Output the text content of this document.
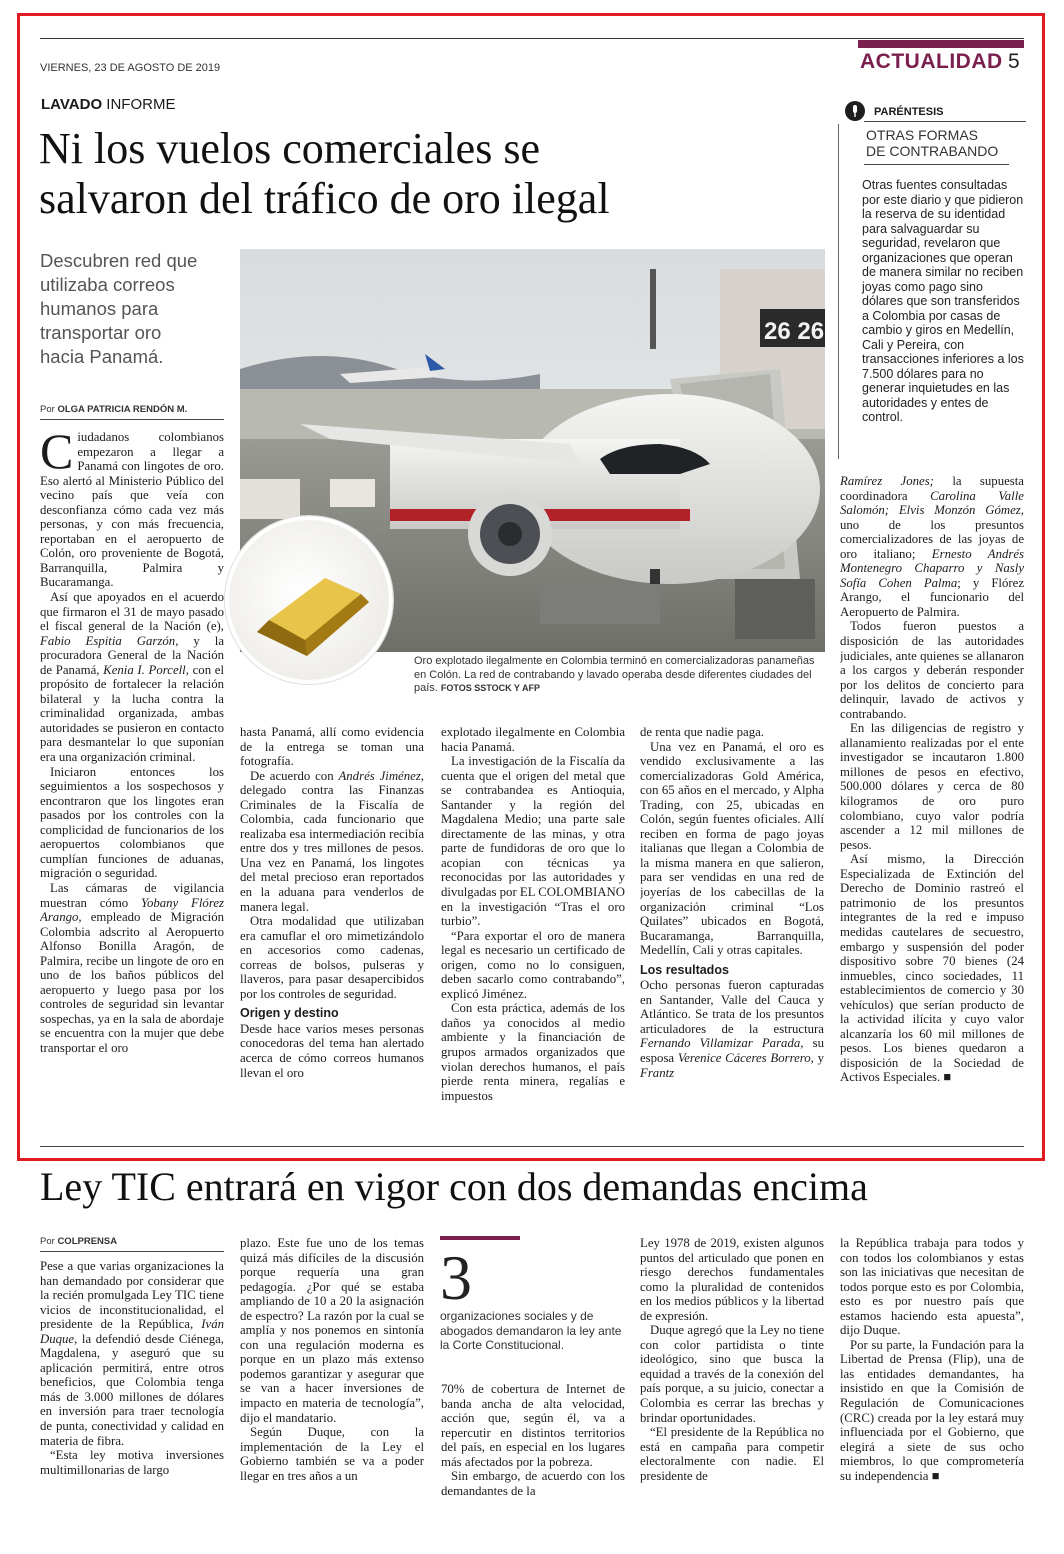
VIERNES, 23 DE AGOSTO DE 2019	ACTUALIDAD 5
LAVADO INFORME
Ni los vuelos comerciales se
salvaron del tráfico de oro ilegal
Descubren red que
utilizaba correos
humanos para
transportar oro
hacia Panamá.
Por OLGA PATRICIA RENDÓN M.
26 26
Oro explotado ilegalmente en Colombia terminó en comercializadoras panameñas en Colón. La red de contrabando y lavado operaba desde diferentes ciudades del país. FOTOS SSTOCK Y AFP
PARÉNTESIS
OTRAS FORMAS
DE CONTRABANDO
Otras fuentes consultadas por este diario y que pidieron la reserva de su identidad para salvaguardar su seguridad, revelaron que organizaciones que operan de manera similar no reciben joyas como pago sino dólares que son transferidos a Colombia por casas de cambio y giros en Medellín, Cali y Pereira, con transacciones inferiores a los 7.500 dólares para no generar inquietudes en las autoridades y entes de control.

Ciudadanos colombianos empezaron a llegar a Panamá con lingotes de oro. Eso alertó al Ministerio Público del vecino país que veía con desconfianza cómo cada vez más personas, y con más frecuencia, reportaban en el aeropuerto de Colón, oro proveniente de Bogotá, Barranquilla, Palmira y Bucaramanga.

Así que apoyados en el acuerdo que firmaron el 31 de mayo pasado el fiscal general de la Nación (e), Fabio Espitia Garzón, y la procuradora General de la Nación de Panamá, Kenia I. Porcell, con el propósito de fortalecer la relación bilateral y la lucha contra la criminalidad organizada, ambas autoridades se pusieron en contacto para desmantelar lo que suponían era una organización criminal.

Iniciaron entonces los seguimientos a los sospechosos y encontraron que los lingotes eran pasados por los controles con la complicidad de funcionarios de los aeropuertos colombianos que cumplían funciones de aduanas, migración o seguridad.

Las cámaras de vigilancia muestran cómo Yobany Flórez Arango, empleado de Migración Colombia adscrito al Aeropuerto Alfonso Bonilla Aragón, de Palmira, recibe un lingote de oro en uno de los baños públicos del aeropuerto y luego pasa por los controles de seguridad sin levantar sospechas, ya en la sala de abordaje se encuentra con la mujer que debe transportar el oro

hasta Panamá, allí como evidencia de la entrega se toman una fotografía.

De acuerdo con Andrés Jiménez, delegado contra las Finanzas Criminales de la Fiscalía de Colombia, cada funcionario que realizaba esa intermediación recibía entre dos y tres millones de pesos. Una vez en Panamá, los lingotes del metal precioso eran reportados en la aduana para venderlos de manera legal.

Otra modalidad que utilizaban era camuflar el oro mimetizándolo en accesorios como cadenas, correas de bolsos, pulseras y llaveros, para pasar desapercibidos por los controles de seguridad.

Origen y destino

Desde hace varios meses personas conocedoras del tema han alertado acerca de cómo correos humanos llevan el oro

explotado ilegalmente en Colombia hacia Panamá.

La investigación de la Fiscalía da cuenta que el origen del metal que se contrabandea es Antioquia, Santander y la región del Magdalena Medio; una parte sale directamente de las minas, y otra parte de fundidoras de oro que lo acopian con técnicas ya reconocidas por las autoridades y divulgadas por EL COLOMBIANO en la investigación “Tras el oro turbio”.

“Para exportar el oro de manera legal es necesario un certificado de origen, como no lo consiguen, deben sacarlo como contrabando”, explicó Jiménez.

Con esta práctica, además de los daños ya conocidos al medio ambiente y la financiación de grupos armados organizados que violan derechos humanos, el país pierde renta minera, regalías e impuestos

de renta que nadie paga.

Una vez en Panamá, el oro es vendido exclusivamente a las comercializadoras Gold América, con 65 años en el mercado, y Alpha Trading, con 25, ubicadas en Colón, según fuentes oficiales. Allí reciben en forma de pago joyas italianas que llegan a Colombia de la misma manera en que salieron, para ser vendidas en una red de joyerías de los cabecillas de la organización criminal “Los Quilates” ubicados en Bogotá, Bucaramanga, Barranquilla, Medellín, Cali y otras capitales.

Los resultados

Ocho personas fueron capturadas en Santander, Valle del Cauca y Atlántico. Se trata de los presuntos articuladores de la estructura Fernando Villamizar Parada, su esposa Verenice Cáceres Borrero, y Frantz

Ramírez Jones; la supuesta coordinadora Carolina Valle Salomón; Elvis Monzón Gómez, uno de los presuntos comercializadores de las joyas de oro italiano; Ernesto Andrés Montenegro Chaparro y Nasly Sofía Cohen Palma; y Flórez Arango, el funcionario del Aeropuerto de Palmira.

Todos fueron puestos a disposición de las autoridades judiciales, ante quienes se allanaron a los cargos y deberán responder por los delitos de concierto para delinquir, lavado de activos y contrabando.

En las diligencias de registro y allanamiento realizadas por el ente investigador se incautaron 1.800 millones de pesos en efectivo, 500.000 dólares y cerca de 80 kilogramos de oro puro colombiano, cuyo valor podría ascender a 12 mil millones de pesos.

Así mismo, la Dirección Especializada de Extinción del Derecho de Dominio rastreó el patrimonio de los presuntos integrantes de la red e impuso medidas cautelares de secuestro, embargo y suspensión del poder dispositivo sobre 70 bienes (24 inmuebles, cinco sociedades, 11 establecimientos de comercio y 30 vehículos) que serían producto de la actividad ilícita y cuyo valor alcanzaría los 60 mil millones de pesos. Los bienes quedaron a disposición de la Sociedad de Activos Especiales. ■

Ley TIC entrará en vigor con dos demandas encima
Por COLPRENSA

Pese a que varias organizaciones la han demandado por considerar que la recién promulgada Ley TIC tiene vicios de inconstitucionalidad, el presidente de la República, Iván Duque, la defendió desde Ciénega, Magdalena, y aseguró que su aplicación permitirá, entre otros beneficios, que Colombia tenga más de 3.000 millones de dólares en inversión para traer tecnología de punta, conectividad y calidad en materia de fibra.

“Esta ley motiva inversiones multimillonarias de largo

plazo. Este fue uno de los temas quizá más difíciles de la discusión porque requería una gran pedagogía. ¿Por qué se estaba ampliando de 10 a 20 la asignación de espectro? La razón por la cual se amplía y nos ponemos en sintonía con una regulación moderna es porque en un plazo más extenso podemos garantizar y asegurar que se van a hacer inversiones de impacto en materia de tecnología”, dijo el mandatario.

Según Duque, con la implementación de la Ley el Gobierno también se va a poder llegar en tres años a un

3
organizaciones sociales y de abogados demandaron la ley ante la Corte Constitucional.

70% de cobertura de Internet de banda ancha de alta velocidad, acción que, según él, va a repercutir en distintos territorios del país, en especial en los lugares más afectados por la pobreza.

Sin embargo, de acuerdo con los demandantes de la

Ley 1978 de 2019, existen algunos puntos del articulado que ponen en riesgo derechos fundamentales como la pluralidad de contenidos en los medios públicos y la libertad de expresión.

Duque agregó que la Ley no tiene con color partidista o tinte ideológico, sino que busca la equidad a través de la conexión del país porque, a su juicio, conectar a Colombia es cerrar las brechas y brindar oportunidades.

“El presidente de la República no está en campaña para competir electoralmente con nadie. El presidente de

la República trabaja para todos y con todos los colombianos y estas son las iniciativas que necesitan de todos porque esto es por Colombia, esto es por nuestro país que estamos haciendo esta apuesta”, dijo Duque.

Por su parte, la Fundación para la Libertad de Prensa (Flip), una de las entidades demandantes, ha insistido en que la Comisión de Regulación de Comunicaciones (CRC) creada por la ley estará muy influenciada por el Gobierno, que elegirá a siete de sus ocho miembros, lo que comprometería su independencia ■
